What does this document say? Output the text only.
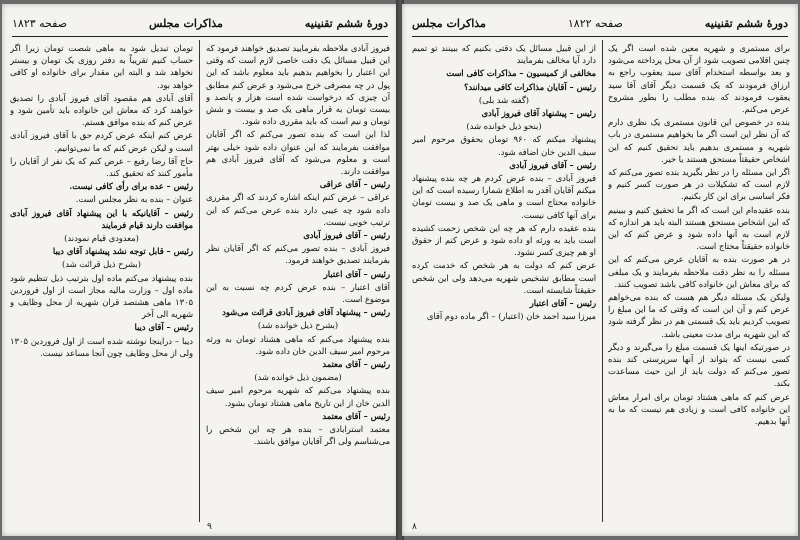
دورهٔ ششم تقنینیه
مذاکرات مجلس
صفحه ۱۸۲۳

فیروز آبادی ملاحظه بفرمایید تصدیق خواهند فرمود که این قبیل مسائل یک دقت خاصی لازم است که وقتی این اعتبار را بخواهیم بدهیم باید معلوم باشد که این پول در چه مصرفی خرج می‌شود و عرض کنم مطابق آن چیزی که درخواست شده است هزار و پانصد و بیست تومان به قرار ماهی یک صد و بیست و شش تومان و نیم است که باید مقرری داده شود.

لذا این است که بنده تصور می‌کنم که اگر آقایان موافقت بفرمایند که این عنوان داده شود خیلی بهتر است و معلوم می‌شود که آقای فیروز آبادی هم موافقت دارند.

رئیس – آقای عراقی

عراقی – عرض کنم اینکه اشاره کردند که اگر مقرری داده شود چه عیبی دارد بنده عرض می‌کنم که این ترتیب خوبی نیست.

رئیس – آقای فیروز آبادی

فیروز آبادی – بنده تصور می‌کنم که اگر آقایان نظر بفرمایند تصدیق خواهند فرمود.

رئیس – آقای اعتبار

آقای اعتبار – بنده عرض کردم چه نسبت به این موضوع است.

رئیس – پیشنهاد آقای فیروز آبادی قرائت می‌شود

(بشرح ذیل خوانده شد)

بنده پیشنهاد می‌کنم که ماهی هشتاد تومان به ورثه مرحوم امیر سیف الدین خان داده شود.

رئیس – آقای معتمد

(مضمون ذیل خوانده شد)

بنده پیشنهاد می‌کنم که شهریه مرحوم امیر سیف الدین خان از این تاریخ ماهی هشتاد تومان بشود.

رئیس – آقای معتمد

معتمد استرابادی – بنده هر چه این شخص را می‌شناسم ولی اگر آقایان موافق باشند.

تومان تبدیل شود به ماهی شصت تومان زیرا اگر حساب کنیم تقریباً به دفتر روزی یک تومان و بیستر نخواهد شد و البته این مقدار برای خانواده او کافی خواهد بود.

آقای آبادی هم مقصود آقای فیروز آبادی را تصدیق خواهند کرد که معاش این خانواده باید تأمین شود و عرض کنم که بنده موافق هستم.

عرض کنم اینکه عرض کردم حق با آقای فیروز آبادی است و لیکن عرض کنم که ما نمی‌توانیم.

حاج آقا رضا رفیع – عرض کنم که یک نفر از آقایان را مأمور کنند که تحقیق کند.

رئیس – عده برای رأی کافی نیست.

عنوان – بنده به نظر مجلس است.

رئیس – آقایانیکه با این پیشنهاد آقای فیروز آبادی موافقت دارند قیام فرمایند

(معدودی قیام نمودند)

رئیس – قابل توجه نشد پیشنهاد آقای دیبا

(بشرح ذیل قرائت شد)

بنده پیشنهاد می‌کنم ماده اول بترتیب ذیل تنظیم شود ماده اول – وزارت مالیه مجاز است از اول فروردین ۱۳۰۵ ماهی هشتصد قران شهریه از محل وظایف و شهریه الی آخر

رئیس – آقای دیبا

دیبا – دراینجا نوشته شده است از اول فروردین ۱۳۰۵ ولی از محل وظایف چون آنجا مساعد نیست.

۹
دورهٔ ششم تقنینیه
صفحه ۱۸۲۲
مذاکرات مجلس

برای مستمری و شهریه معین شده است اگر یک چنین اقلامی تصویب شود از آن محل پرداخته می‌شود و بعد بواسطه استخدام آقای سید یعقوب راجع به ارزاق فرمودند که یک قسمت دیگر آقای آقا سید یعقوب فرمودند که بنده مطلب را بطور مشروح عرض می‌کنم.

بنده در خصوص این قانون مستمری یک نظری دارم که آن نظر این است اگر ما بخواهیم مستمری در باب شهریه و مستمری بدهیم باید تحقیق کنیم که این اشخاص حقیقتاً مستحق هستند یا خیر.

اگر این مسئله را در نظر بگیرید بنده تصور می‌کنم که لازم است که تشکیلات در هر صورت کسر کنیم و فکر اساسی برای این کار بکنیم.

بنده عقیده‌ام این است که اگر ما تحقیق کنیم و ببینیم که این اشخاص مستحق هستند البته باید هر اندازه که لازم است به آنها داده شود و عرض کنم که این خانواده حقیقتاً محتاج است.

در هر صورت بنده به آقایان عرض می‌کنم که این مسئله را به نظر دقت ملاحظه بفرمایند و یک مبلغی که برای معاش این خانواده کافی باشد تصویب کنند.

ولیکن یک مسئله دیگر هم هست که بنده می‌خواهم عرض کنم و آن این است که وقتی که ما این مبلغ را تصویب کردیم باید یک قسمتی هم در نظر گرفته شود که این شهریه برای مدت معینی باشد.

در صورتیکه اینها یک قسمت مبلغ را می‌گیرند و دیگر کسی نیست که بتواند از آنها سرپرستی کند بنده تصور می‌کنم که دولت باید از این حیث مساعدت بکند.

عرض کنم که ماهی هشتاد تومان برای امرار معاش این خانواده کافی است و زیادی هم نیست که ما به آنها بدهیم.

از این قبیل مسائل یک دقتی بکنیم که ببینند تو تمیم دارد آیا مخالف بفرمایند

مخالفی از کمیسیون – مذاکرات کافی است

رئیس – آقایان مذاکرات کافی میدانند؟

(گفته شد بلی)

رئیس – پیشنهاد آقای فیروز آبادی

(بنحو ذیل خوانده شد)

پیشنهاد میکنم که ۹۶۰ تومان بحقوق مرحوم امیر سیف الدین خان اضافه شود.

رئیس – آقای فیروز آبادی

فیروز آبادی – بنده عرض کردم هر چه بنده پیشنهاد میکنم آقایان آقدر به اطلاع شمارا رسیده است که این خانواده محتاج است و ماهی یک صد و بیست تومان برای آنها کافی نیست.

بنده عقیده دارم که هر چه این شخص زحمت کشیده است باید به ورثه او داده شود و عرض کنم از حقوق او هم چیزی کسر نشود.

عرض کنم که دولت به هر شخص که خدمت کرده است مطابق تشخیص شهریه می‌دهد ولی این شخص حقیقتاً شایسته است.

رئیس – آقای اعتبار

میرزا سید احمد خان (اعتبار) – اگر ماده دوم آقای

۸
